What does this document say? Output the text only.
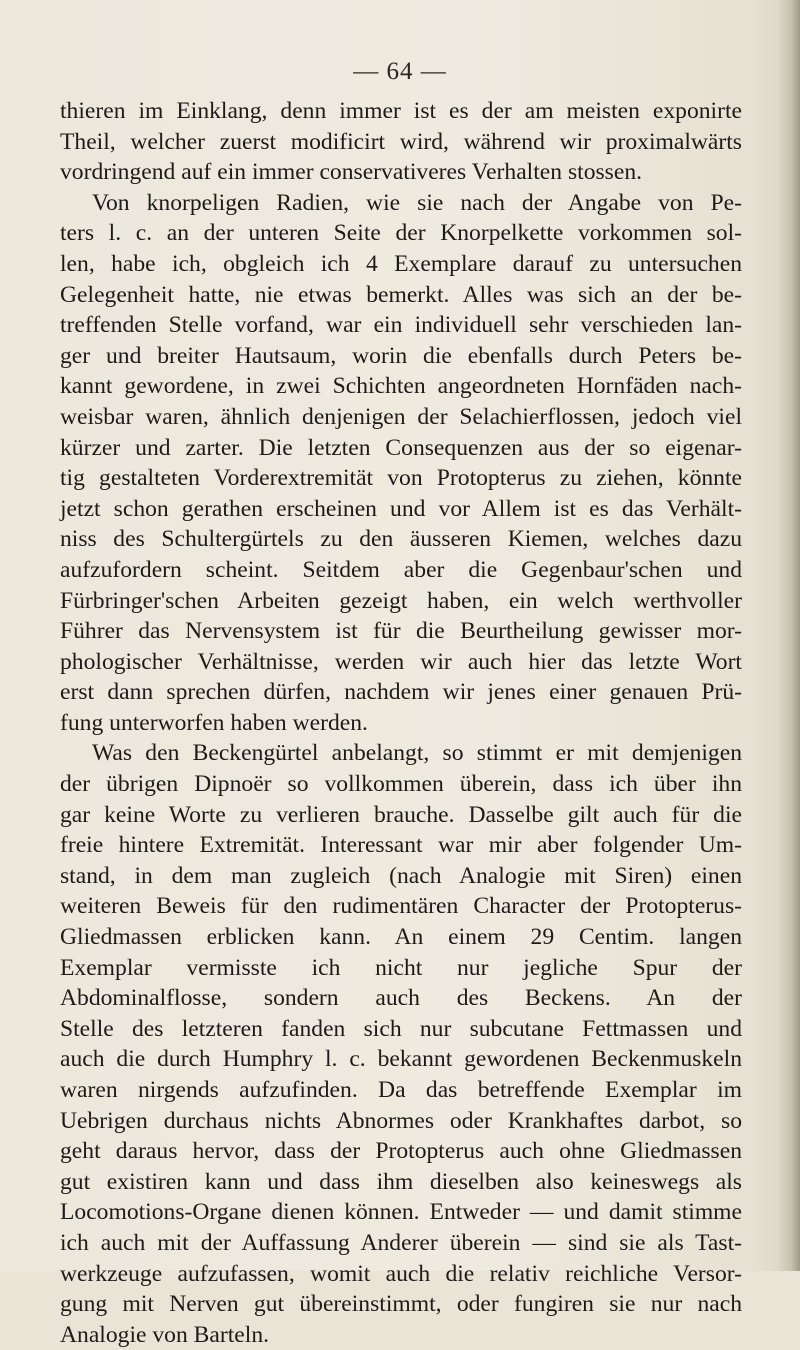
— 64 —
thieren im Einklang, denn immer ist es der am meisten exponirte
Theil, welcher zuerst modificirt wird, während wir proximalwärts
vordringend auf ein immer conservativeres Verhalten stossen.
Von knorpeligen Radien, wie sie nach der Angabe von Pe-
ters l. c. an der unteren Seite der Knorpelkette vorkommen sol-
len, habe ich, obgleich ich 4 Exemplare darauf zu untersuchen
Gelegenheit hatte, nie etwas bemerkt. Alles was sich an der be-
treffenden Stelle vorfand, war ein individuell sehr verschieden lan-
ger und breiter Hautsaum, worin die ebenfalls durch Peters be-
kannt gewordene, in zwei Schichten angeordneten Hornfäden nach-
weisbar waren, ähnlich denjenigen der Selachierflossen, jedoch viel
kürzer und zarter. Die letzten Consequenzen aus der so eigenar-
tig gestalteten Vorderextremität von Protopterus zu ziehen, könnte
jetzt schon gerathen erscheinen und vor Allem ist es das Verhält-
niss des Schultergürtels zu den äusseren Kiemen, welches dazu
aufzufordern scheint. Seitdem aber die Gegenbaur'schen und
Fürbringer'schen Arbeiten gezeigt haben, ein welch werthvoller
Führer das Nervensystem ist für die Beurtheilung gewisser mor-
phologischer Verhältnisse, werden wir auch hier das letzte Wort
erst dann sprechen dürfen, nachdem wir jenes einer genauen Prü-
fung unterworfen haben werden.
Was den Beckengürtel anbelangt, so stimmt er mit demjenigen
der übrigen Dipnoër so vollkommen überein, dass ich über ihn
gar keine Worte zu verlieren brauche. Dasselbe gilt auch für die
freie hintere Extremität. Interessant war mir aber folgender Um-
stand, in dem man zugleich (nach Analogie mit Siren) einen
weiteren Beweis für den rudimentären Character der Protopterus-
Gliedmassen erblicken kann. An einem 29 Centim. langen
Exemplar vermisste ich nicht nur jegliche Spur der
Abdominalflosse, sondern auch des Beckens. An der
Stelle des letzteren fanden sich nur subcutane Fettmassen und
auch die durch Humphry l. c. bekannt gewordenen Beckenmuskeln
waren nirgends aufzufinden. Da das betreffende Exemplar im
Uebrigen durchaus nichts Abnormes oder Krankhaftes darbot, so
geht daraus hervor, dass der Protopterus auch ohne Gliedmassen
gut existiren kann und dass ihm dieselben also keineswegs als
Locomotions-Organe dienen können. Entweder — und damit stimme
ich auch mit der Auffassung Anderer überein — sind sie als Tast-
werkzeuge aufzufassen, womit auch die relativ reichliche Versor-
gung mit Nerven gut übereinstimmt, oder fungiren sie nur nach
Analogie von Barteln.
